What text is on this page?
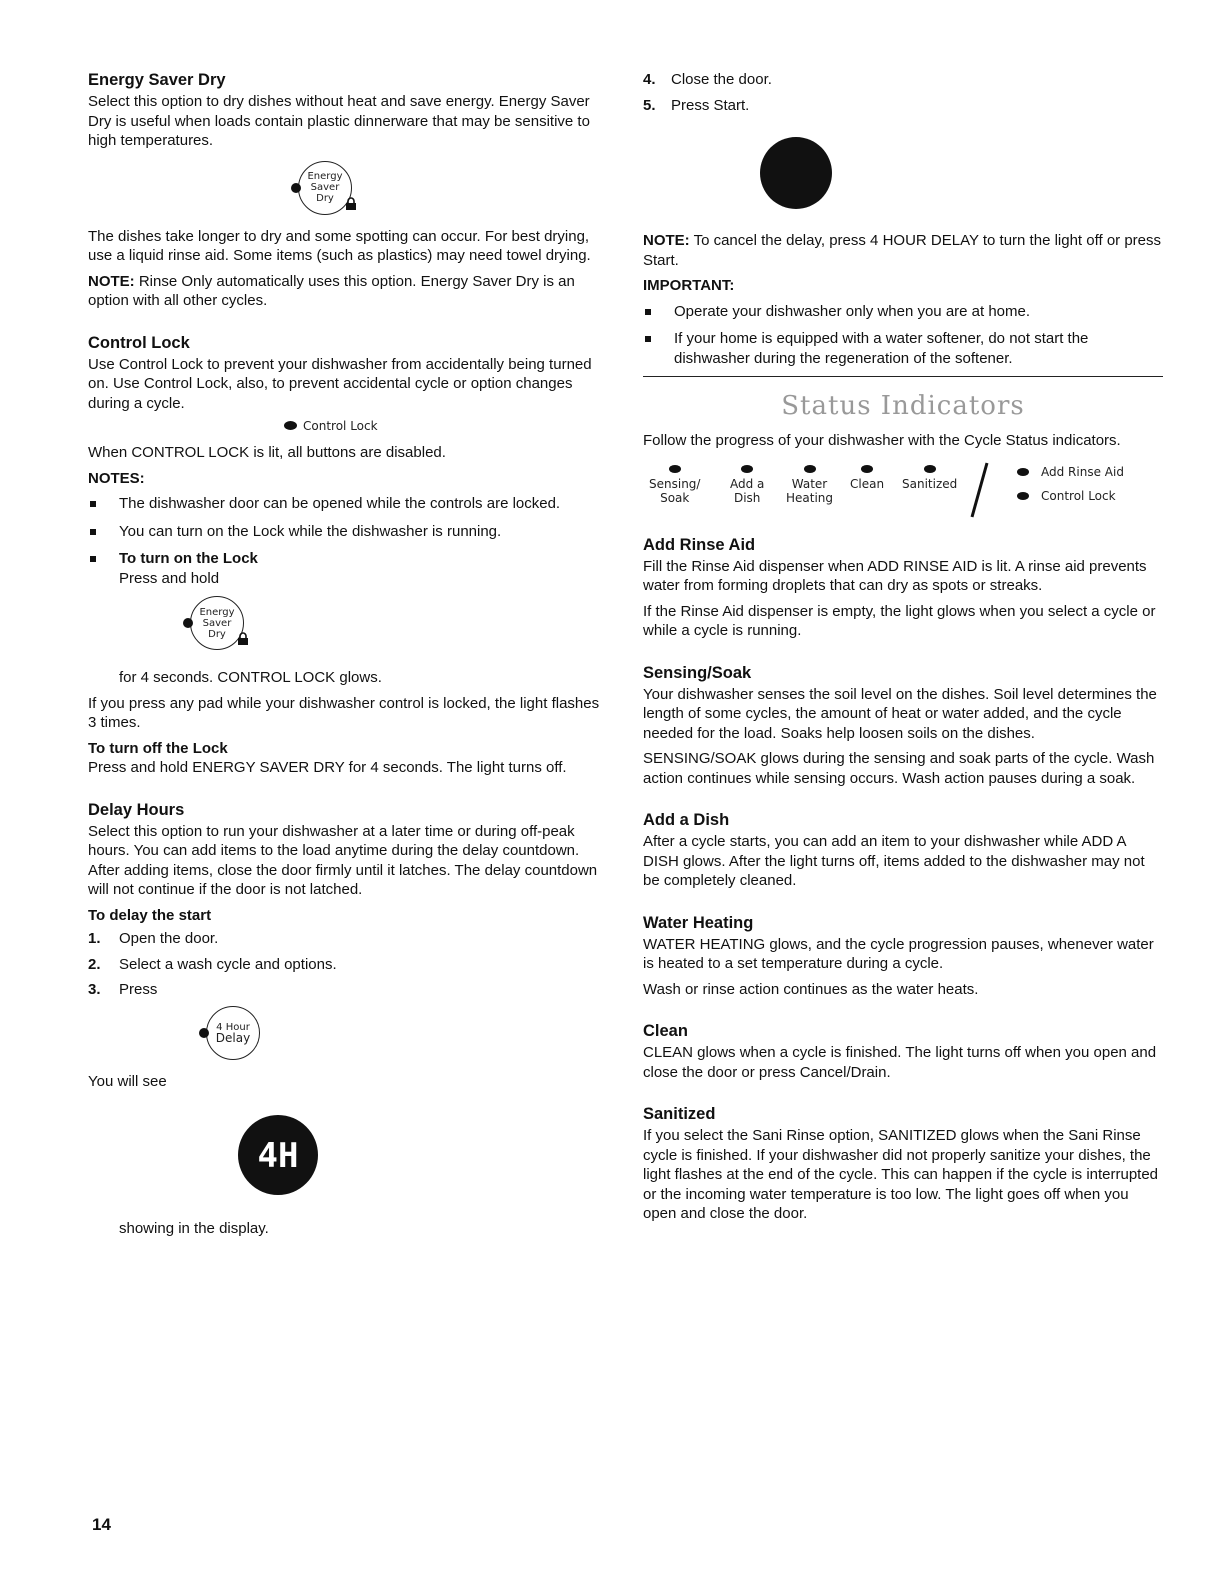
Energy Saver Dry

Select this option to dry dishes without heat and save energy. Energy Saver Dry is useful when loads contain plastic dinnerware that may be sensitive to high temperatures.

Energy
Saver
Dry

The dishes take longer to dry and some spotting can occur. For best drying, use a liquid rinse aid. Some items (such as plastics) may need towel drying.

NOTE: Rinse Only automatically uses this option. Energy Saver Dry is an option with all other cycles.

Control Lock

Use Control Lock to prevent your dishwasher from accidentally being turned on. Use Control Lock, also, to prevent accidental cycle or option changes during a cycle.

Control Lock

When CONTROL LOCK is lit, all buttons are disabled.

NOTES:

The dishwasher door can be opened while the controls are locked.
You can turn on the Lock while the dishwasher is running.
To turn on the Lock
Press and hold
Energy
Saver
Dry

for 4 seconds. CONTROL LOCK glows.

If you press any pad while your dishwasher control is locked, the light flashes 3 times.

To turn off the Lock

Press and hold ENERGY SAVER DRY for 4 seconds. The light turns off.

Delay Hours

Select this option to run your dishwasher at a later time or during off-peak hours. You can add items to the load anytime during the delay countdown. After adding items, close the door firmly until it latches. The delay countdown will not continue if the door is not latched.

To delay the start

1. Open the door.
2. Select a wash cycle and options.
3. Press
4 Hour
Delay

You will see

4H

showing in the display.

4. Close the door.
5. Press Start.

NOTE: To cancel the delay, press 4 HOUR DELAY to turn the light off or press Start.

IMPORTANT:

Operate your dishwasher only when you are at home.
If your home is equipped with a water softener, do not start the dishwasher during the regeneration of the softener.
Status Indicators

Follow the progress of your dishwasher with the Cycle Status indicators.

Sensing/
Soak
Add a
Dish
Water
Heating
Clean Sanitized
Add Rinse Aid
Control Lock
Add Rinse Aid

Fill the Rinse Aid dispenser when ADD RINSE AID is lit. A rinse aid prevents water from forming droplets that can dry as spots or streaks.

If the Rinse Aid dispenser is empty, the light glows when you select a cycle or while a cycle is running.

Sensing/Soak

Your dishwasher senses the soil level on the dishes. Soil level determines the length of some cycles, the amount of heat or water added, and the cycle needed for the load. Soaks help loosen soils on the dishes.

SENSING/SOAK glows during the sensing and soak parts of the cycle. Wash action continues while sensing occurs. Wash action pauses during a soak.

Add a Dish

After a cycle starts, you can add an item to your dishwasher while ADD A DISH glows. After the light turns off, items added to the dishwasher may not be completely cleaned.

Water Heating

WATER HEATING glows, and the cycle progression pauses, whenever water is heated to a set temperature during a cycle.

Wash or rinse action continues as the water heats.

Clean

CLEAN glows when a cycle is finished. The light turns off when you open and close the door or press Cancel/Drain.

Sanitized

If you select the Sani Rinse option, SANITIZED glows when the Sani Rinse cycle is finished. If your dishwasher did not properly sanitize your dishes, the light flashes at the end of the cycle. This can happen if the cycle is interrupted or the incoming water temperature is too low. The light goes off when you open and close the door.

14
